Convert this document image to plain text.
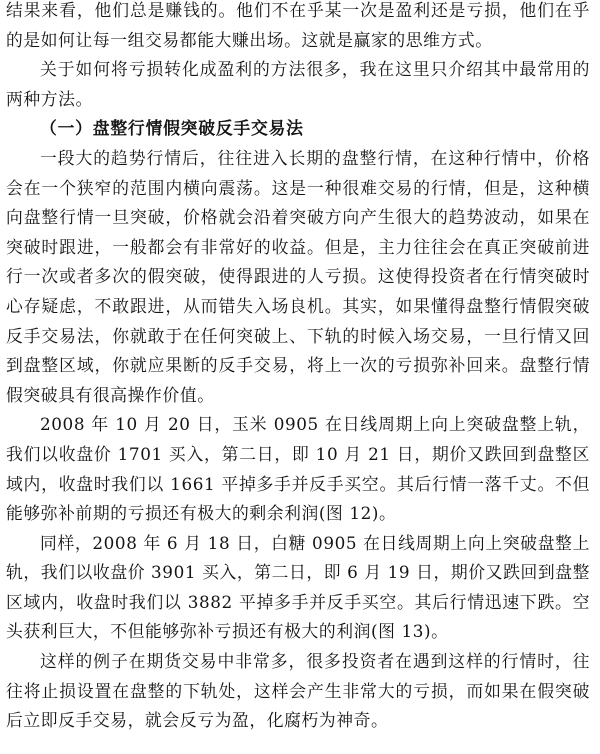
结果来看，他们总是赚钱的。他们不在乎某一次是盈利还是亏损，他们在乎的是如何让每一组交易都能大赚出场。这就是赢家的思维方式。

关于如何将亏损转化成盈利的方法很多，我在这里只介绍其中最常用的两种方法。

（一）盘整行情假突破反手交易法

一段大的趋势行情后，往往进入长期的盘整行情，在这种行情中，价格会在一个狭窄的范围内横向震荡。这是一种很难交易的行情，但是，这种横向盘整行情一旦突破，价格就会沿着突破方向产生很大的趋势波动，如果在突破时跟进，一般都会有非常好的收益。但是，主力往往会在真正突破前进行一次或者多次的假突破，使得跟进的人亏损。这使得投资者在行情突破时心存疑虑，不敢跟进，从而错失入场良机。其实，如果懂得盘整行情假突破反手交易法，你就敢于在任何突破上、下轨的时候入场交易，一旦行情又回到盘整区域，你就应果断的反手交易，将上一次的亏损弥补回来。盘整行情假突破具有很高操作价值。

2008 年 10 月 20 日，玉米 0905 在日线周期上向上突破盘整上轨，我们以收盘价 1701 买入，第二日，即 10 月 21 日，期价又跌回到盘整区域内，收盘时我们以 1661 平掉多手并反手买空。其后行情一落千丈。不但能够弥补前期的亏损还有极大的剩余利润(图 12)。

同样，2008 年 6 月 18 日，白糖 0905 在日线周期上向上突破盘整上轨，我们以收盘价 3901 买入，第二日，即 6 月 19 日，期价又跌回到盘整区域内，收盘时我们以 3882 平掉多手并反手买空。其后行情迅速下跌。空头获利巨大，不但能够弥补亏损还有极大的利润(图 13)。

这样的例子在期货交易中非常多，很多投资者在遇到这样的行情时，往往将止损设置在盘整的下轨处，这样会产生非常大的亏损，而如果在假突破后立即反手交易，就会反亏为盈，化腐朽为神奇。
